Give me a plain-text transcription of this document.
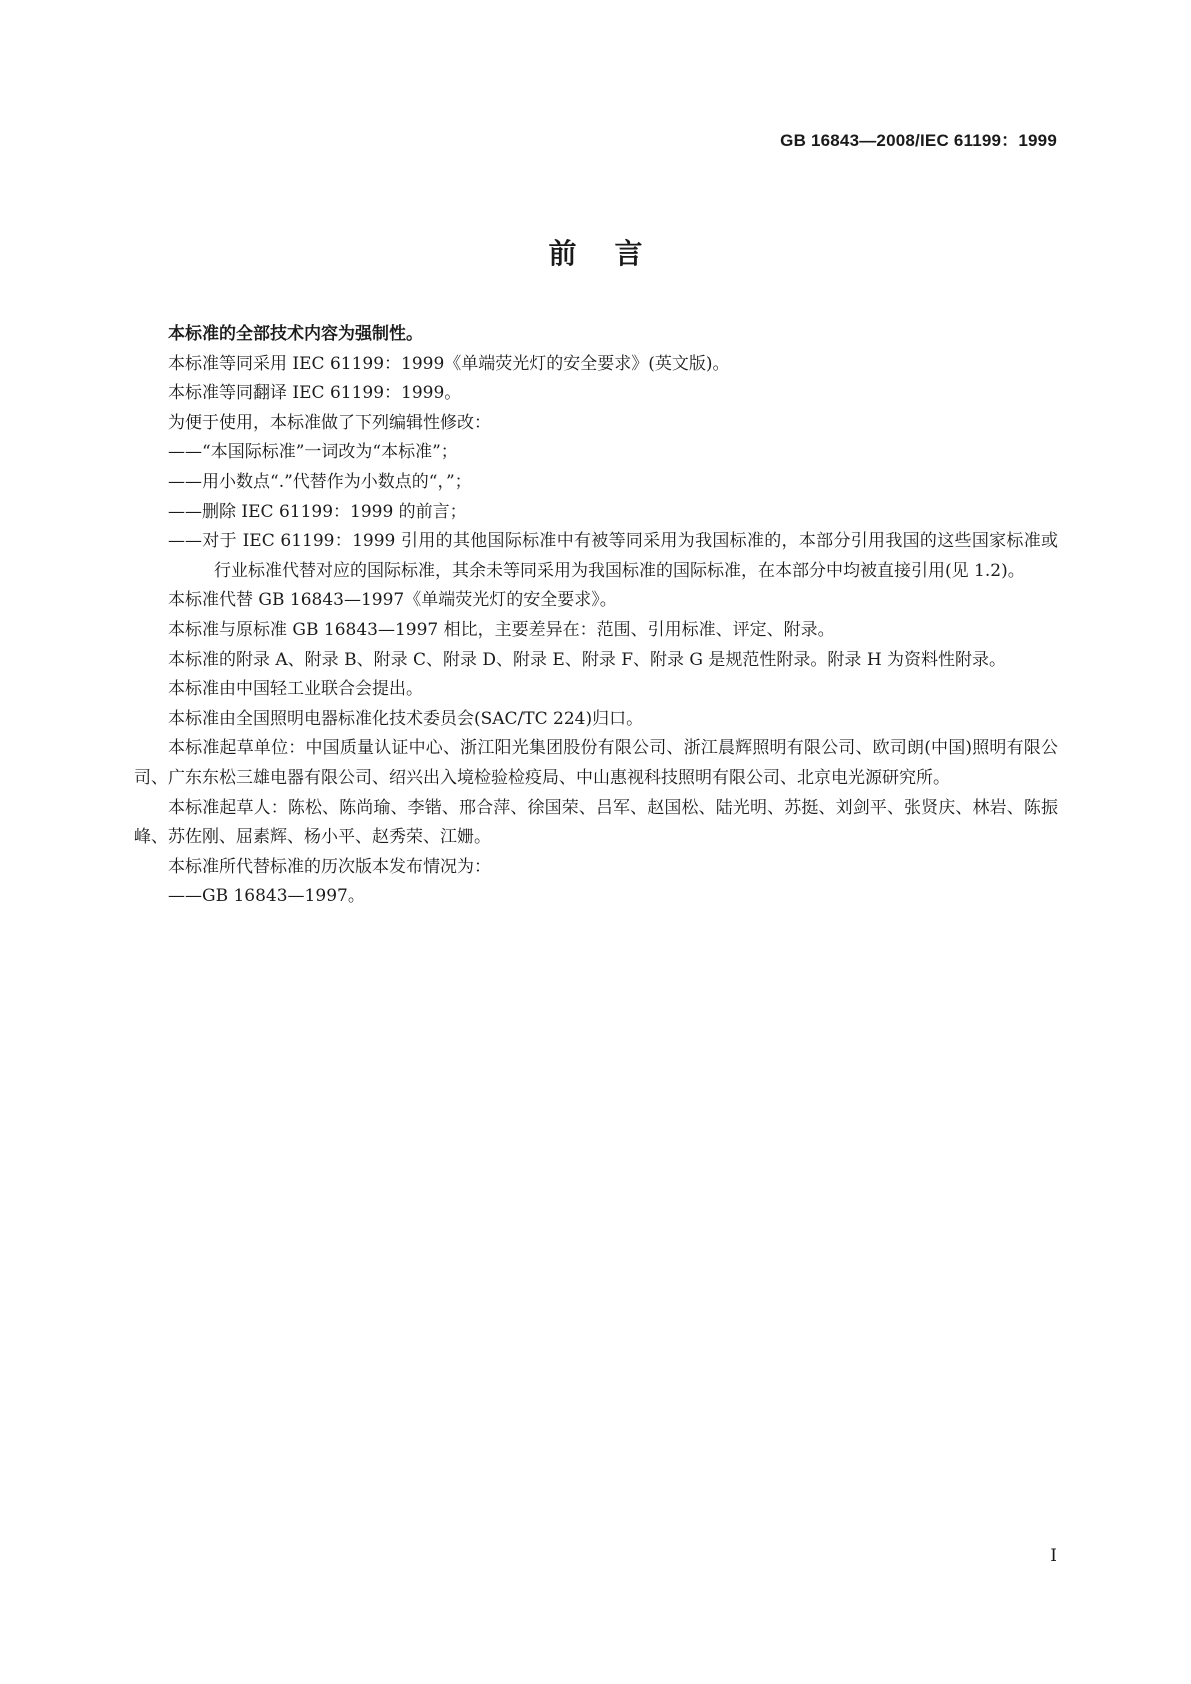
GB 16843—2008/IEC 61199：1999
前言

本标准的全部技术内容为强制性。

本标准等同采用 IEC 61199：1999《单端荧光灯的安全要求》(英文版)。

本标准等同翻译 IEC 61199：1999。

为便于使用，本标准做了下列编辑性修改：

——“本国际标准”一词改为“本标准”；

——用小数点“.”代替作为小数点的“，”；

——删除 IEC 61199：1999 的前言；

——对于 IEC 61199：1999 引用的其他国际标准中有被等同采用为我国标准的，本部分引用我国的这些国家标准或行业标准代替对应的国际标准，其余未等同采用为我国标准的国际标准，在本部分中均被直接引用(见 1.2)。

本标准代替 GB 16843—1997《单端荧光灯的安全要求》。

本标准与原标准 GB 16843—1997 相比，主要差异在：范围、引用标准、评定、附录。

本标准的附录 A、附录 B、附录 C、附录 D、附录 E、附录 F、附录 G 是规范性附录。附录 H 为资料性附录。

本标准由中国轻工业联合会提出。

本标准由全国照明电器标准化技术委员会(SAC/TC 224)归口。

本标准起草单位：中国质量认证中心、浙江阳光集团股份有限公司、浙江晨辉照明有限公司、欧司朗(中国)照明有限公司、广东东松三雄电器有限公司、绍兴出入境检验检疫局、中山惠视科技照明有限公司、北京电光源研究所。

本标准起草人：陈松、陈尚瑜、李锴、邢合萍、徐国荣、吕军、赵国松、陆光明、苏挺、刘剑平、张贤庆、林岩、陈振峰、苏佐刚、屈素辉、杨小平、赵秀荣、江姗。

本标准所代替标准的历次版本发布情况为：

——GB 16843—1997。

I
